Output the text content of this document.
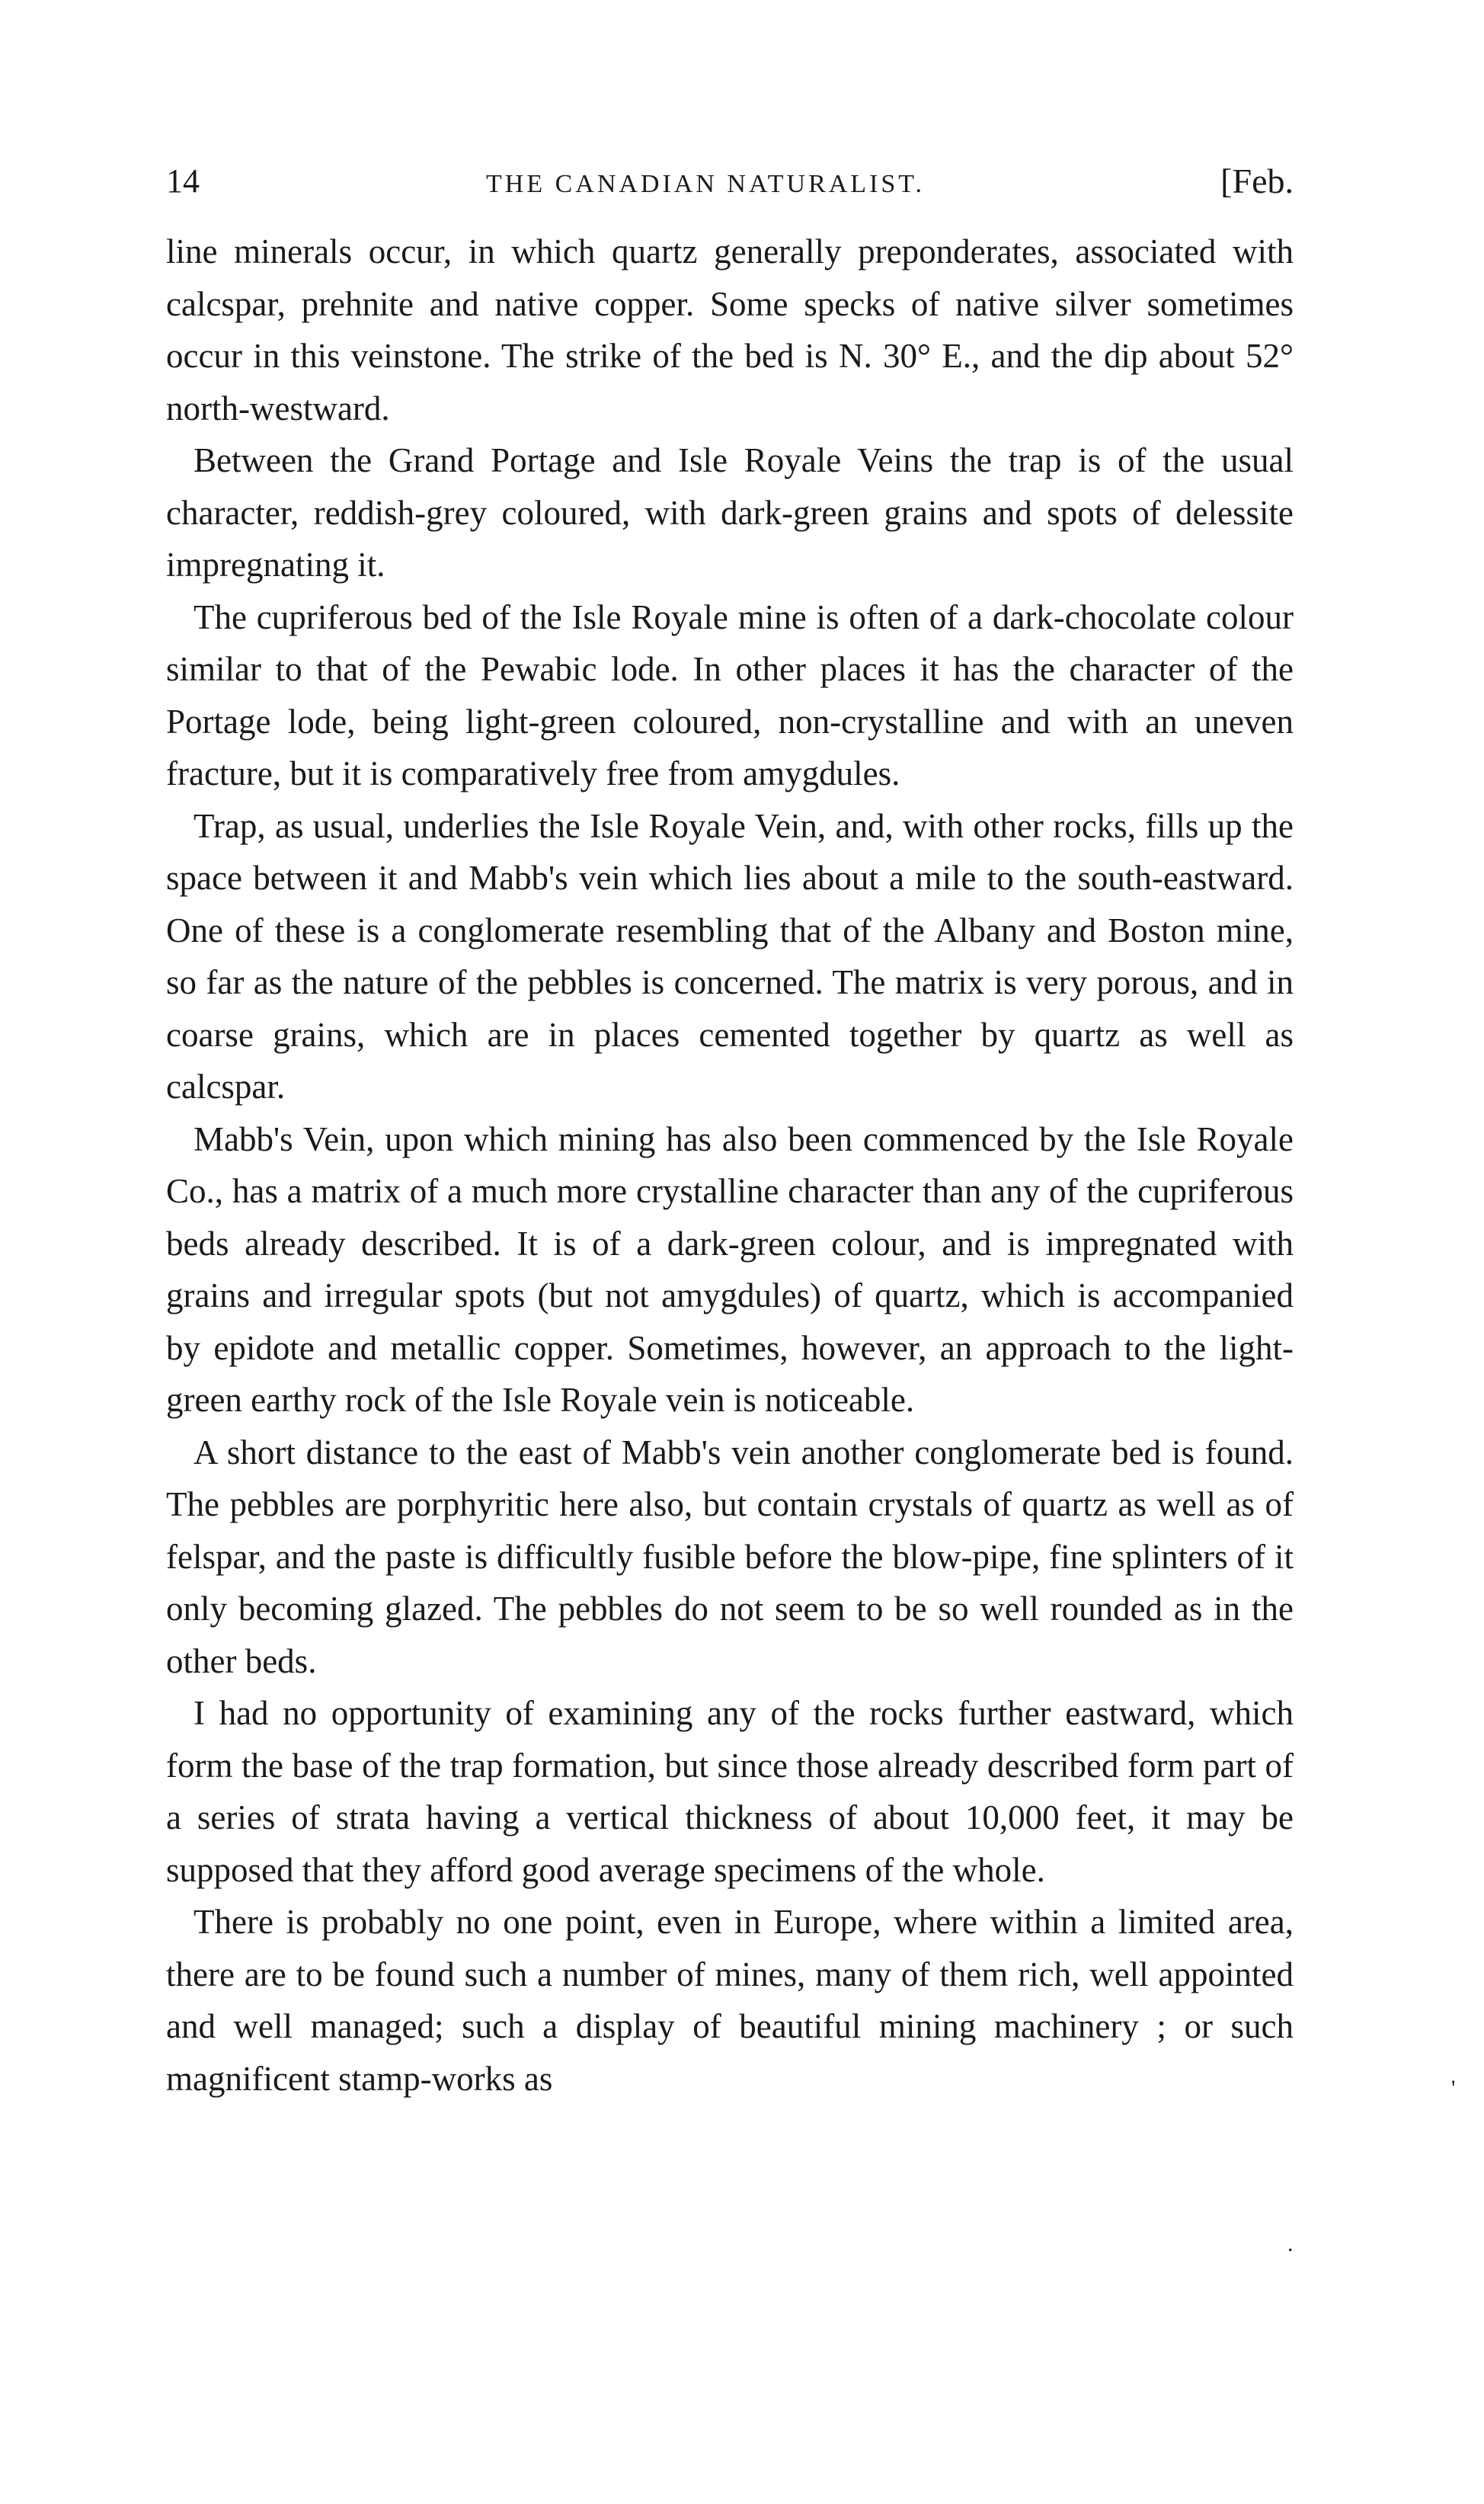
14	THE CANADIAN NATURALIST.	[Feb.

line minerals occur, in which quartz generally preponderates, associated with calcspar, prehnite and native copper. Some specks of native silver sometimes occur in this veinstone. The strike of the bed is N. 30° E., and the dip about 52° north-westward.

Between the Grand Portage and Isle Royale Veins the trap is of the usual character, reddish-grey coloured, with dark-green grains and spots of delessite impregnating it.

The cupriferous bed of the Isle Royale mine is often of a dark-chocolate colour similar to that of the Pewabic lode. In other places it has the character of the Portage lode, being light-green coloured, non-crystalline and with an uneven fracture, but it is comparatively free from amygdules.

Trap, as usual, underlies the Isle Royale Vein, and, with other rocks, fills up the space between it and Mabb's vein which lies about a mile to the south-eastward. One of these is a conglomerate resembling that of the Albany and Boston mine, so far as the nature of the pebbles is concerned. The matrix is very porous, and in coarse grains, which are in places cemented together by quartz as well as calcspar.

Mabb's Vein, upon which mining has also been commenced by the Isle Royale Co., has a matrix of a much more crystalline character than any of the cupriferous beds already described. It is of a dark-green colour, and is impregnated with grains and irregular spots (but not amygdules) of quartz, which is accompanied by epidote and metallic copper. Sometimes, however, an approach to the light-green earthy rock of the Isle Royale vein is noticeable.

A short distance to the east of Mabb's vein another conglomerate bed is found. The pebbles are porphyritic here also, but contain crystals of quartz as well as of felspar, and the paste is difficultly fusible before the blow-pipe, fine splinters of it only becoming glazed. The pebbles do not seem to be so well rounded as in the other beds.

I had no opportunity of examining any of the rocks further eastward, which form the base of the trap formation, but since those already described form part of a series of strata having a vertical thickness of about 10,000 feet, it may be supposed that they afford good average specimens of the whole.

There is probably no one point, even in Europe, where within a limited area, there are to be found such a number of mines, many of them rich, well appointed and well managed; such a display of beautiful mining machinery ; or such magnificent stamp-works as	'
.
